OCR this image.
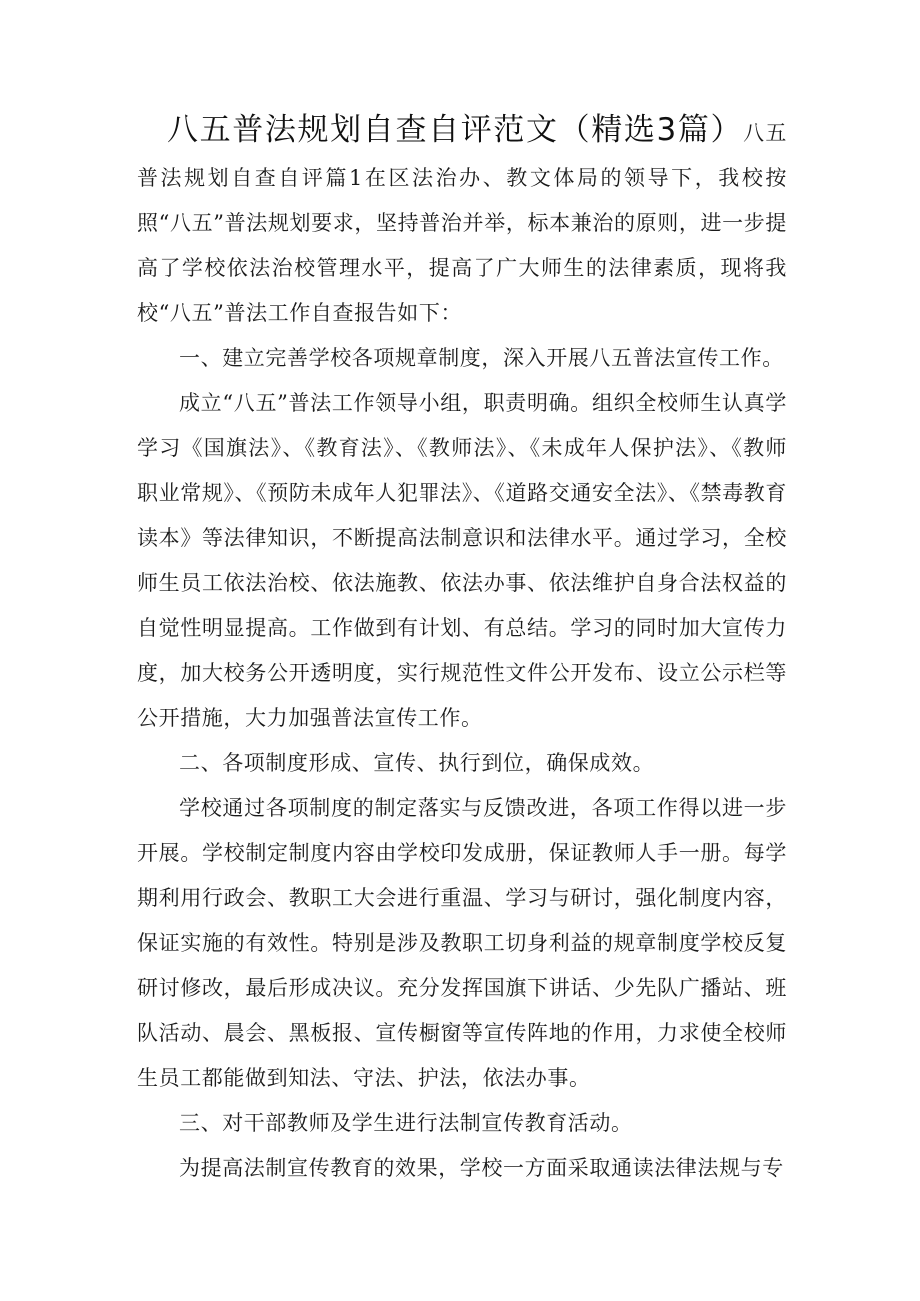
八五普法规划自查自评范文（精选3篇）八五普法规划自查自评篇1在区法治办、教文体局的领导下，我校按照“八五”普法规划要求，坚持普治并举，标本兼治的原则，进一步提高了学校依法治校管理水平，提高了广大师生的法律素质，现将我校“八五”普法工作自查报告如下：

一、建立完善学校各项规章制度，深入开展八五普法宣传工作。

成立“八五”普法工作领导小组，职责明确。组织全校师生认真学学习《国旗法》、《教育法》、《教师法》、《未成年人保护法》、《教师职业常规》、《预防未成年人犯罪法》、《道路交通安全法》、《禁毒教育读本》等法律知识，不断提高法制意识和法律水平。通过学习，全校师生员工依法治校、依法施教、依法办事、依法维护自身合法权益的自觉性明显提高。工作做到有计划、有总结。学习的同时加大宣传力度，加大校务公开透明度，实行规范性文件公开发布、设立公示栏等公开措施，大力加强普法宣传工作。

二、各项制度形成、宣传、执行到位，确保成效。

学校通过各项制度的制定落实与反馈改进，各项工作得以进一步开展。学校制定制度内容由学校印发成册，保证教师人手一册。每学期利用行政会、教职工大会进行重温、学习与研讨，强化制度内容，保证实施的有效性。特别是涉及教职工切身利益的规章制度学校反复研讨修改，最后形成决议。充分发挥国旗下讲话、少先队广播站、班队活动、晨会、黑板报、宣传橱窗等宣传阵地的作用，力求使全校师生员工都能做到知法、守法、护法，依法办事。

三、对干部教师及学生进行法制宣传教育活动。

为提高法制宣传教育的效果，学校一方面采取通读法律法规与专
